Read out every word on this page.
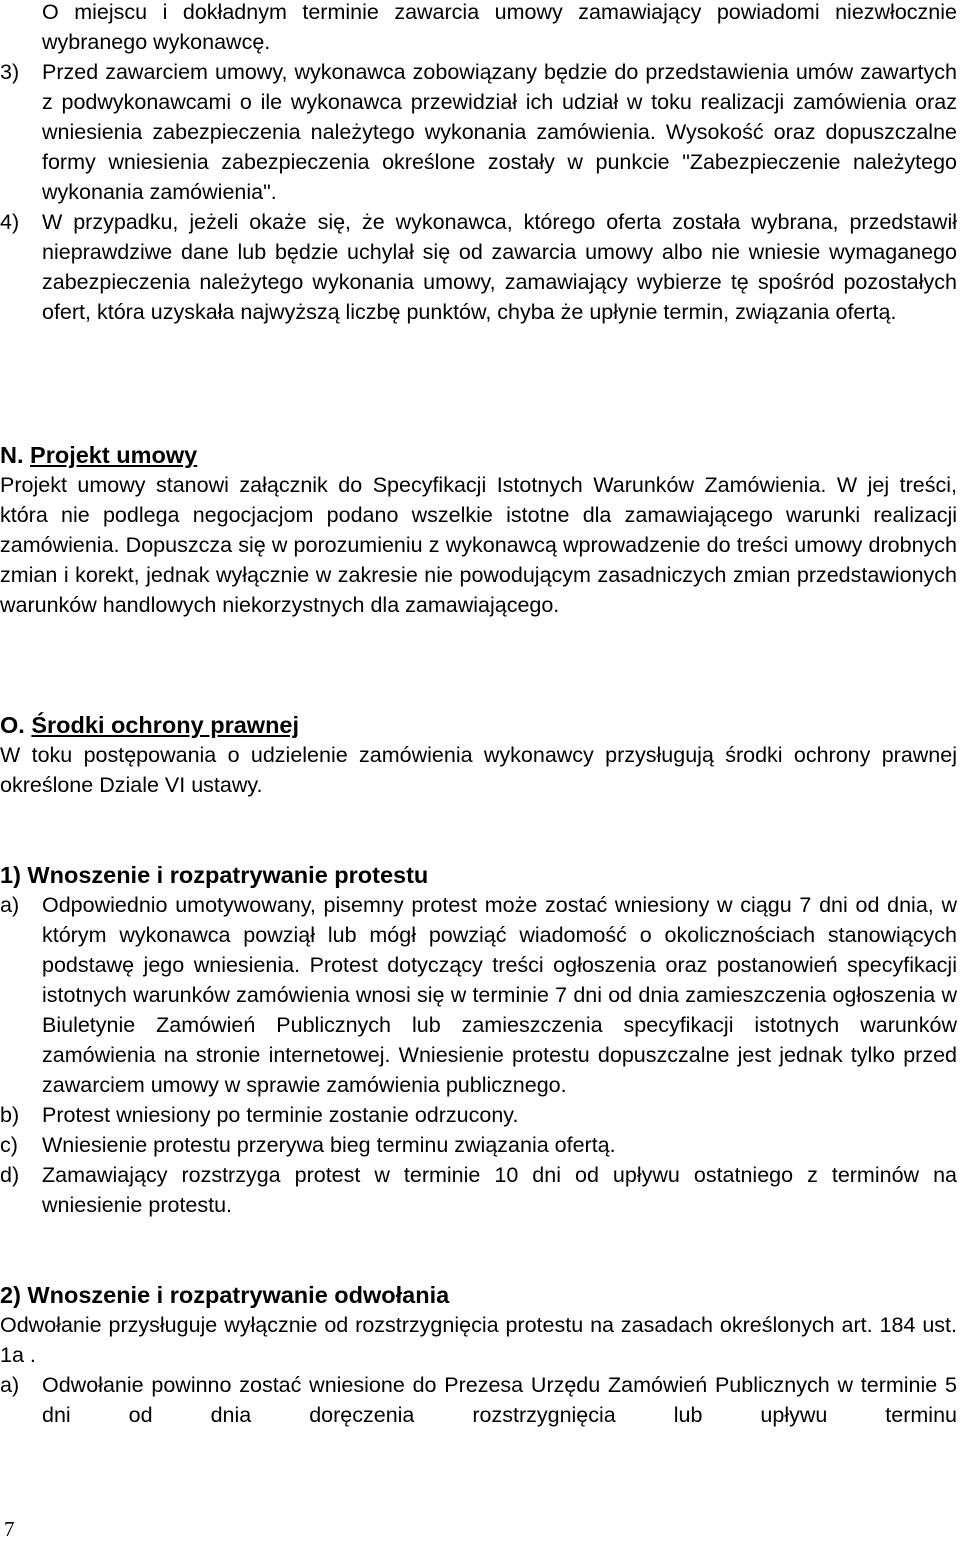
O miejscu i dokładnym terminie zawarcia umowy zamawiający powiadomi niezwłocznie wybranego wykonawcę.
3)	Przed zawarciem umowy, wykonawca zobowiązany będzie do przedstawienia umów zawartych z podwykonawcami o ile wykonawca przewidział ich udział w toku realizacji zamówienia oraz wniesienia zabezpieczenia należytego wykonania zamówienia. Wysokość oraz dopuszczalne formy wniesienia zabezpieczenia określone zostały w punkcie "Zabezpieczenie należytego wykonania zamówienia".
4)	W przypadku, jeżeli okaże się, że wykonawca, którego oferta została wybrana, przedstawił nieprawdziwe dane lub będzie uchylał się od zawarcia umowy albo nie wniesie wymaganego zabezpieczenia należytego wykonania umowy, zamawiający wybierze tę spośród pozostałych ofert, która uzyskała najwyższą liczbę punktów, chyba że upłynie termin, związania ofertą.
N. Projekt umowy

Projekt umowy stanowi załącznik do Specyfikacji Istotnych Warunków Zamówienia. W jej treści, która nie podlega negocjacjom podano wszelkie istotne dla zamawiającego warunki realizacji zamówienia. Dopuszcza się w porozumieniu z wykonawcą wprowadzenie do treści umowy drobnych zmian i korekt, jednak wyłącznie w zakresie nie powodującym zasadniczych zmian przedstawionych warunków handlowych niekorzystnych dla zamawiającego.

O. Środki ochrony prawnej

W toku postępowania o udzielenie zamówienia wykonawcy przysługują środki ochrony prawnej określone Dziale VI ustawy.

1) Wnoszenie i rozpatrywanie protestu
a)	Odpowiednio umotywowany, pisemny protest może zostać wniesiony w ciągu 7 dni od dnia, w którym wykonawca powziął lub mógł powziąć wiadomość o okolicznościach stanowiących podstawę jego wniesienia. Protest dotyczący treści ogłoszenia oraz postanowień specyfikacji istotnych warunków zamówienia wnosi się w terminie 7 dni od dnia zamieszczenia ogłoszenia w Biuletynie Zamówień Publicznych lub zamieszczenia specyfikacji istotnych warunków zamówienia na stronie internetowej. Wniesienie protestu dopuszczalne jest jednak tylko przed zawarciem umowy w sprawie zamówienia publicznego.
b)	Protest wniesiony po terminie zostanie odrzucony.
c)	Wniesienie protestu przerywa bieg terminu związania ofertą.
d)	Zamawiający rozstrzyga protest w terminie 10 dni od upływu ostatniego z terminów na wniesienie protestu.
2) Wnoszenie i rozpatrywanie odwołania

Odwołanie przysługuje wyłącznie od rozstrzygnięcia protestu na zasadach określonych art. 184 ust. 1a .

a)	Odwołanie powinno zostać wniesione do Prezesa Urzędu Zamówień Publicznych w terminie 5 dni od dnia doręczenia rozstrzygnięcia lub upływu terminu
7
